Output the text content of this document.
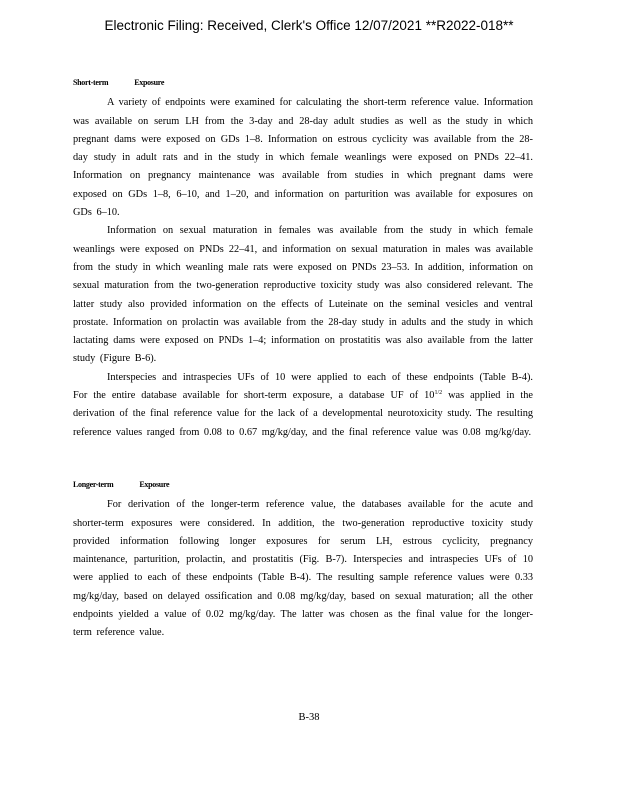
Electronic Filing: Received, Clerk's Office 12/07/2021 **R2022-018**
Short-term	Exposure

A variety of endpoints were examined for calculating the short-term reference value. Information was available on serum LH from the 3-day and 28-day adult studies as well as the study in which pregnant dams were exposed on GDs 1–8. Information on estrous cyclicity was available from the 28-day study in adult rats and in the study in which female weanlings were exposed on PNDs 22–41. Information on pregnancy maintenance was available from studies in which pregnant dams were exposed on GDs 1–8, 6–10, and 1–20, and information on parturition was available for exposures on GDs 6–10.

Information on sexual maturation in females was available from the study in which female weanlings were exposed on PNDs 22–41, and information on sexual maturation in males was available from the study in which weanling male rats were exposed on PNDs 23–53. In addition, information on sexual maturation from the two-generation reproductive toxicity study was also considered relevant. The latter study also provided information on the effects of Luteinate on the seminal vesicles and ventral prostate. Information on prolactin was available from the 28-day study in adults and the study in which lactating dams were exposed on PNDs 1–4; information on prostatitis was also available from the latter study (Figure B-6).

Interspecies and intraspecies UFs of 10 were applied to each of these endpoints (Table B-4). For the entire database available for short-term exposure, a database UF of $10^{1/2}$ was applied in the derivation of the final reference value for the lack of a developmental neurotoxicity study. The resulting reference values ranged from 0.08 to 0.67 mg/kg/day, and the final reference value was 0.08 mg/kg/day.

Longer-term	Exposure

For derivation of the longer-term reference value, the databases available for the acute and shorter-term exposures were considered. In addition, the two-generation reproductive toxicity study provided information following longer exposures for serum LH, estrous cyclicity, pregnancy maintenance, parturition, prolactin, and prostatitis (Fig. B-7). Interspecies and intraspecies UFs of 10 were applied to each of these endpoints (Table B-4). The resulting sample reference values were 0.33 mg/kg/day, based on delayed ossification and 0.08 mg/kg/day, based on sexual maturation; all the other endpoints yielded a value of 0.02 mg/kg/day. The latter was chosen as the final value for the longer-term reference value.

B-38
